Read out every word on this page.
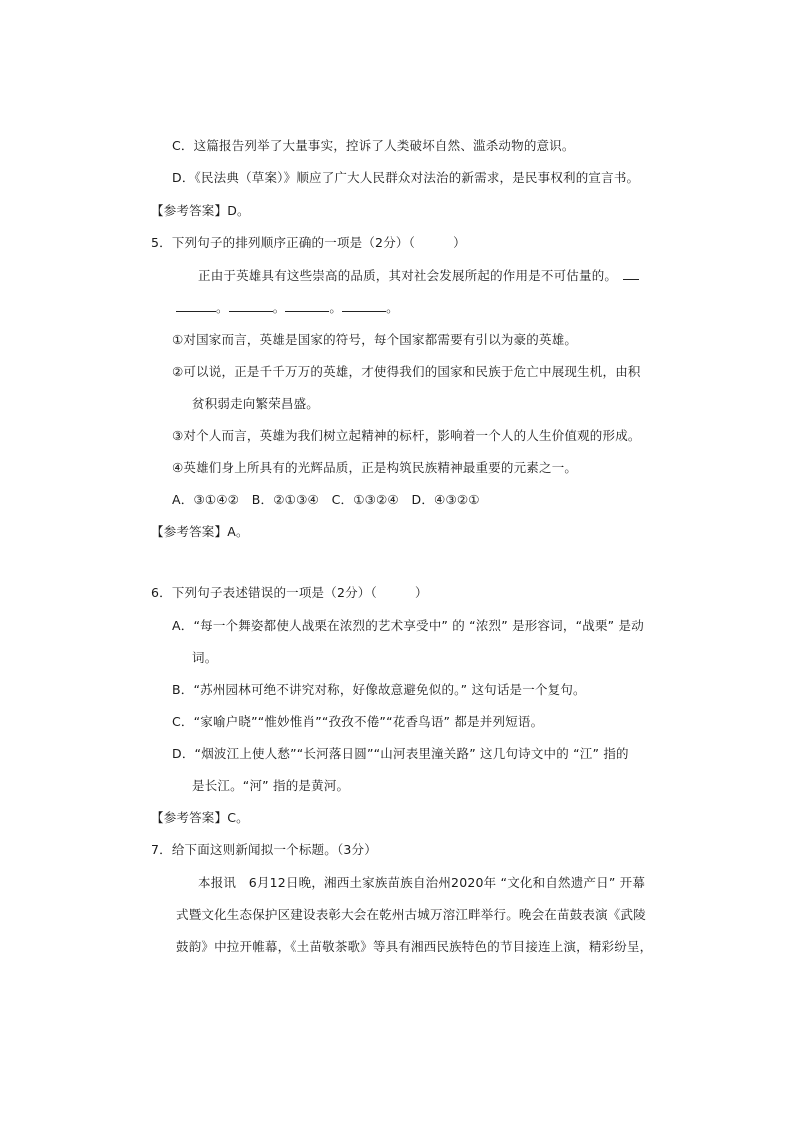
C．这篇报告列举了大量事实，控诉了人类破坏自然、滥杀动物的意识。
D．《民法典（草案）》顺应了广大人民群众对法治的新需求，是民事权利的宣言书。
【参考答案】D。
5．下列句子的排列顺序正确的一项是（2分）（　　　）
正由于英雄具有这些崇高的品质，其对社会发展所起的作用是不可估量的。
。	。	。	。
①对国家而言，英雄是国家的符号，每个国家都需要有引以为豪的英雄。
②可以说，正是千千万万的英雄，才使得我们的国家和民族于危亡中展现生机，由积
贫积弱走向繁荣昌盛。
③对个人而言，英雄为我们树立起精神的标杆，影响着一个人的人生价值观的形成。
④英雄们身上所具有的光辉品质，正是构筑民族精神最重要的元素之一。
A．③①④②　B．②①③④　C．①③②④　D．④③②①
【参考答案】A。
6．下列句子表述错误的一项是（2分）（　　　）
A．“每一个舞姿都使人战栗在浓烈的艺术享受中” 的 “浓烈” 是形容词，“战栗” 是动
词。
B．“苏州园林可绝不讲究对称，好像故意避免似的。” 这句话是一个复句。
C．“家喻户晓”“惟妙惟肖”“孜孜不倦”“花香鸟语” 都是并列短语。
D．“烟波江上使人愁”“长河落日圆”“山河表里潼关路” 这几句诗文中的 “江” 指的
是长江。“河” 指的是黄河。
【参考答案】C。
7．给下面这则新闻拟一个标题。（3分）
本报讯　6月12日晚，湘西土家族苗族自治州2020年 “文化和自然遗产日” 开幕
式暨文化生态保护区建设表彰大会在乾州古城万溶江畔举行。晚会在苗鼓表演《武陵
鼓韵》中拉开帷幕，《土苗敬茶歌》等具有湘西民族特色的节目接连上演，精彩纷呈，
